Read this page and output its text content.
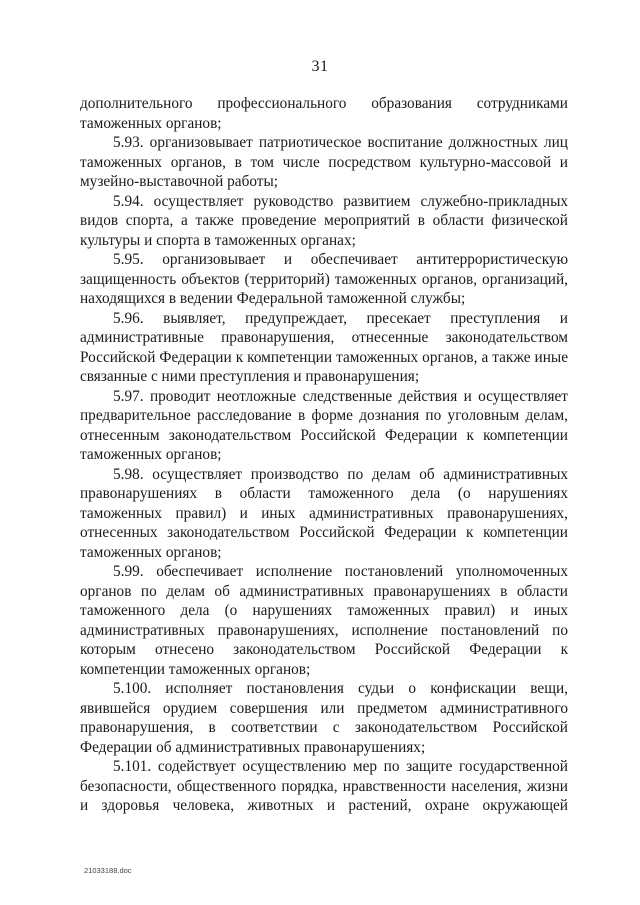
31

дополнительного профессионального образования сотрудниками таможенных органов;

5.93. организовывает патриотическое воспитание должностных лиц таможенных органов, в том числе посредством культурно-массовой и музейно-выставочной работы;

5.94. осуществляет руководство развитием служебно-прикладных видов спорта, а также проведение мероприятий в области физической культуры и спорта в таможенных органах;

5.95. организовывает и обеспечивает антитеррористическую защищенность объектов (территорий) таможенных органов, организаций, находящихся в ведении Федеральной таможенной службы;

5.96. выявляет, предупреждает, пресекает преступления и административные правонарушения, отнесенные законодательством Российской Федерации к компетенции таможенных органов, а также иные связанные с ними преступления и правонарушения;

5.97. проводит неотложные следственные действия и осуществляет предварительное расследование в форме дознания по уголовным делам, отнесенным законодательством Российской Федерации к компетенции таможенных органов;

5.98. осуществляет производство по делам об административных правонарушениях в области таможенного дела (о нарушениях таможенных правил) и иных административных правонарушениях, отнесенных законодательством Российской Федерации к компетенции таможенных органов;

5.99. обеспечивает исполнение постановлений уполномоченных органов по делам об административных правонарушениях в области таможенного дела (о нарушениях таможенных правил) и иных административных правонарушениях, исполнение постановлений по которым отнесено законодательством Российской Федерации к компетенции таможенных органов;

5.100. исполняет постановления судьи о конфискации вещи, явившейся орудием совершения или предметом административного правонарушения, в соответствии с законодательством Российской Федерации об административных правонарушениях;

5.101. содействует осуществлению мер по защите государственной безопасности, общественного порядка, нравственности населения, жизни и здоровья человека, животных и растений, охране окружающей

21033188.doc
